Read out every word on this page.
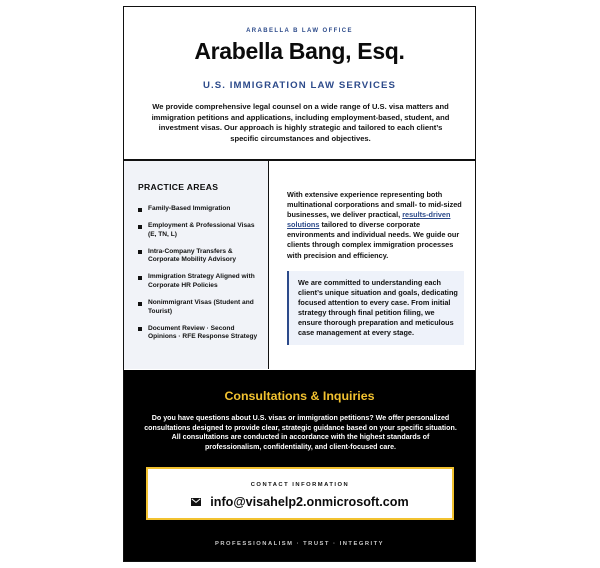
ARABELLA B LAW OFFICE
Arabella Bang, Esq.
U.S. IMMIGRATION LAW SERVICES

We provide comprehensive legal counsel on a wide range of U.S. visa matters and immigration petitions and applications, including employment-based, student, and investment visas. Our approach is highly strategic and tailored to each client’s specific circumstances and objectives.

PRACTICE AREAS
Family-Based Immigration
Employment & Professional Visas (E, TN, L)
Intra-Company Transfers & Corporate Mobility Advisory
Immigration Strategy Aligned with Corporate HR Policies
Nonimmigrant Visas (Student and Tourist)
Document Review · Second Opinions · RFE Response Strategy

With extensive experience representing both multinational corporations and small- to mid-sized businesses, we deliver practical, results-driven solutions tailored to diverse corporate environments and individual needs. We guide our clients through complex immigration processes with precision and efficiency.

We are committed to understanding each client’s unique situation and goals, dedicating focused attention to every case. From initial strategy through final petition filing, we ensure thorough preparation and meticulous case management at every stage.
Consultations & Inquiries

Do you have questions about U.S. visas or immigration petitions? We offer personalized consultations designed to provide clear, strategic guidance based on your specific situation. All consultations are conducted in accordance with the highest standards of professionalism, confidentiality, and client-focused care.

CONTACT INFORMATION
info@visahelp2.onmicrosoft.com
PROFESSIONALISM · TRUST · INTEGRITY
